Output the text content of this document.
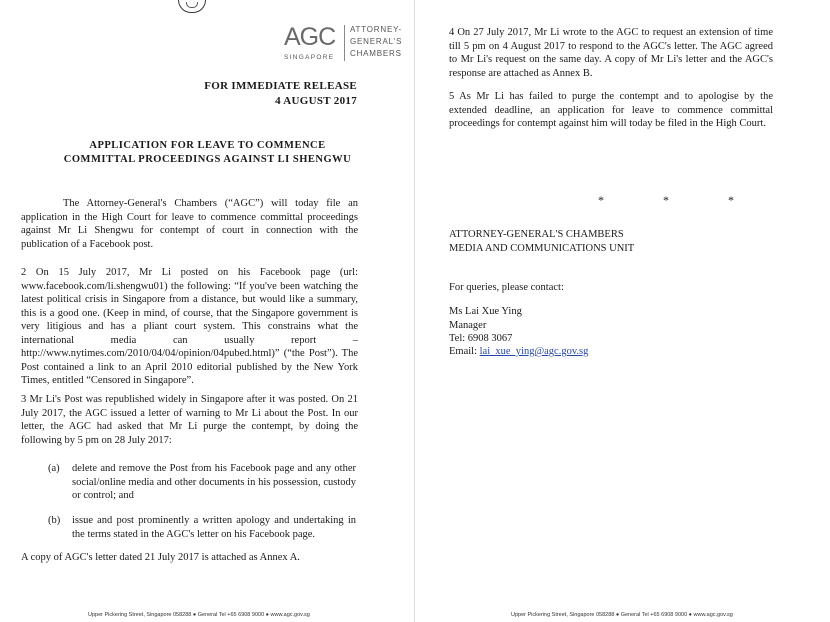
AGC ATTORNEY-
GENERAL'S
CHAMBERS
SINGAPORE
FOR IMMEDIATE RELEASE
4 AUGUST 2017
APPLICATION FOR LEAVE TO COMMENCE
COMMITTAL PROCEEDINGS AGAINST LI SHENGWU

The Attorney-General's Chambers (“AGC”) will today file an application in the High Court for leave to commence committal proceedings against Mr Li Shengwu for contempt of court in connection with the publication of a Facebook post.

2 On 15 July 2017, Mr Li posted on his Facebook page (url: www.facebook.com/li.shengwu01) the following: “If you've been watching the latest political crisis in Singapore from a distance, but would like a summary, this is a good one. (Keep in mind, of course, that the Singapore government is very litigious and has a pliant court system. This constrains what the international media can usually report – http://www.nytimes.com/2010/04/04/opinion/04pubed.html)” (“the Post”). The Post contained a link to an April 2010 editorial published by the New York Times, entitled “Censored in Singapore”.

3 Mr Li's Post was republished widely in Singapore after it was posted. On 21 July 2017, the AGC issued a letter of warning to Mr Li about the Post. In our letter, the AGC had asked that Mr Li purge the contempt, by doing the following by 5 pm on 28 July 2017:

(a) delete and remove the Post from his Facebook page and any other social/online media and other documents in his possession, custody or control; and
(b) issue and post prominently a written apology and undertaking in the terms stated in the AGC's letter on his Facebook page.

A copy of AGC's letter dated 21 July 2017 is attached as Annex A.

Upper Pickering Street, Singapore 058288 ● General Tel +65 6908 9000 ● www.agc.gov.sg

4 On 27 July 2017, Mr Li wrote to the AGC to request an extension of time till 5 pm on 4 August 2017 to respond to the AGC's letter. The AGC agreed to Mr Li's request on the same day. A copy of Mr Li's letter and the AGC's response are attached as Annex B.

5 As Mr Li has failed to purge the contempt and to apologise by the extended deadline, an application for leave to commence committal proceedings for contempt against him will today be filed in the High Court.

* * *
ATTORNEY-GENERAL'S CHAMBERS
MEDIA AND COMMUNICATIONS UNIT
For queries, please contact:
Ms Lai Xue Ying
Manager
Tel: 6908 3067
Email: lai_xue_ying@agc.gov.sg
Upper Pickering Street, Singapore 058288 ● General Tel +65 6908 9000 ● www.agc.gov.sg
